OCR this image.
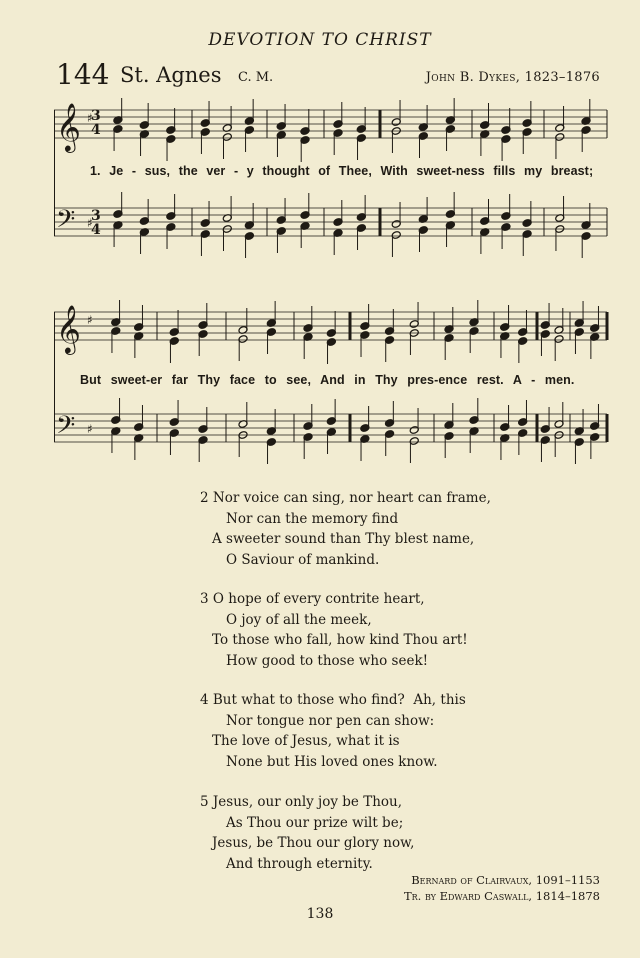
DEVOTION TO CHRIST
144 St. Agnes C. M.	John B. Dykes, 1823–1876
3
3
4
4
𝄞
𝄢
♯
♯
1. Je - sus, the ver - y thought of Thee, With sweet-ness fills my breast;
𝄞
𝄢
♯
♯
But sweet-er far Thy face to see, And in Thy pres-ence rest. A - men.
2 Nor voice can sing, nor heart can frame,
Nor can the memory find
A sweeter sound than Thy blest name,
O Saviour of mankind.
3 O hope of every contrite heart,
O joy of all the meek,
To those who fall, how kind Thou art!
How good to those who seek!
4 But what to those who find?  Ah, this
Nor tongue nor pen can show:
The love of Jesus, what it is
None but His loved ones know.
5 Jesus, our only joy be Thou,
As Thou our prize wilt be;
Jesus, be Thou our glory now,
And through eternity.
Bernard of Clairvaux, 1091–1153
Tr. by Edward Caswall, 1814–1878
138
